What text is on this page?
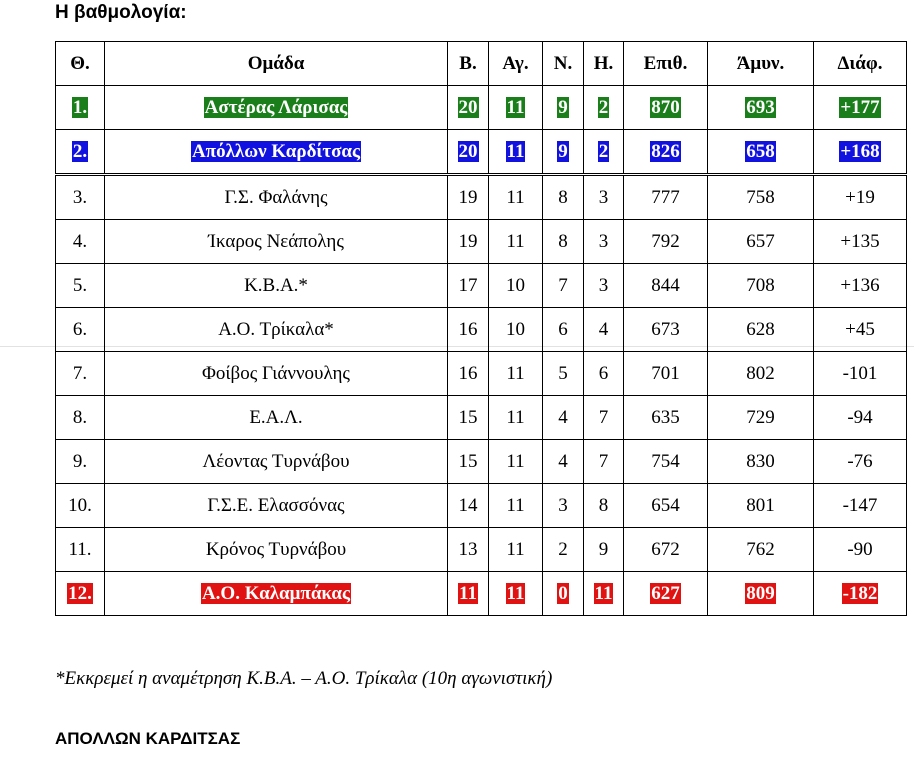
Η βαθμολογία:
Θ.	Ομάδα	Β.	Αγ.	Ν.	Η.	Επιθ.	Άμυν.	Διάφ.
1.	Αστέρας Λάρισας	20	11	9	2	870	693	+177
2.	Απόλλων Καρδίτσας	20	11	9	2	826	658	+168
3.	Γ.Σ. Φαλάνης	19	11	8	3	777	758	+19
4.	Ίκαρος Νεάπολης	19	11	8	3	792	657	+135
5.	Κ.Β.Α.*	17	10	7	3	844	708	+136
6.	Α.Ο. Τρίκαλα*	16	10	6	4	673	628	+45
7.	Φοίβος Γιάννουλης	16	11	5	6	701	802	-101
8.	Ε.Α.Λ.	15	11	4	7	635	729	-94
9.	Λέοντας Τυρνάβου	15	11	4	7	754	830	-76
10.	Γ.Σ.Ε. Ελασσόνας	14	11	3	8	654	801	-147
11.	Κρόνος Τυρνάβου	13	11	2	9	672	762	-90
12.	Α.Ο. Καλαμπάκας	11	11	0	11	627	809	-182
*Εκκρεμεί η αναμέτρηση Κ.Β.Α. – Α.Ο. Τρίκαλα (10η αγωνιστική)
ΑΠΟΛΛΩΝ ΚΑΡΔΙΤΣΑΣ
